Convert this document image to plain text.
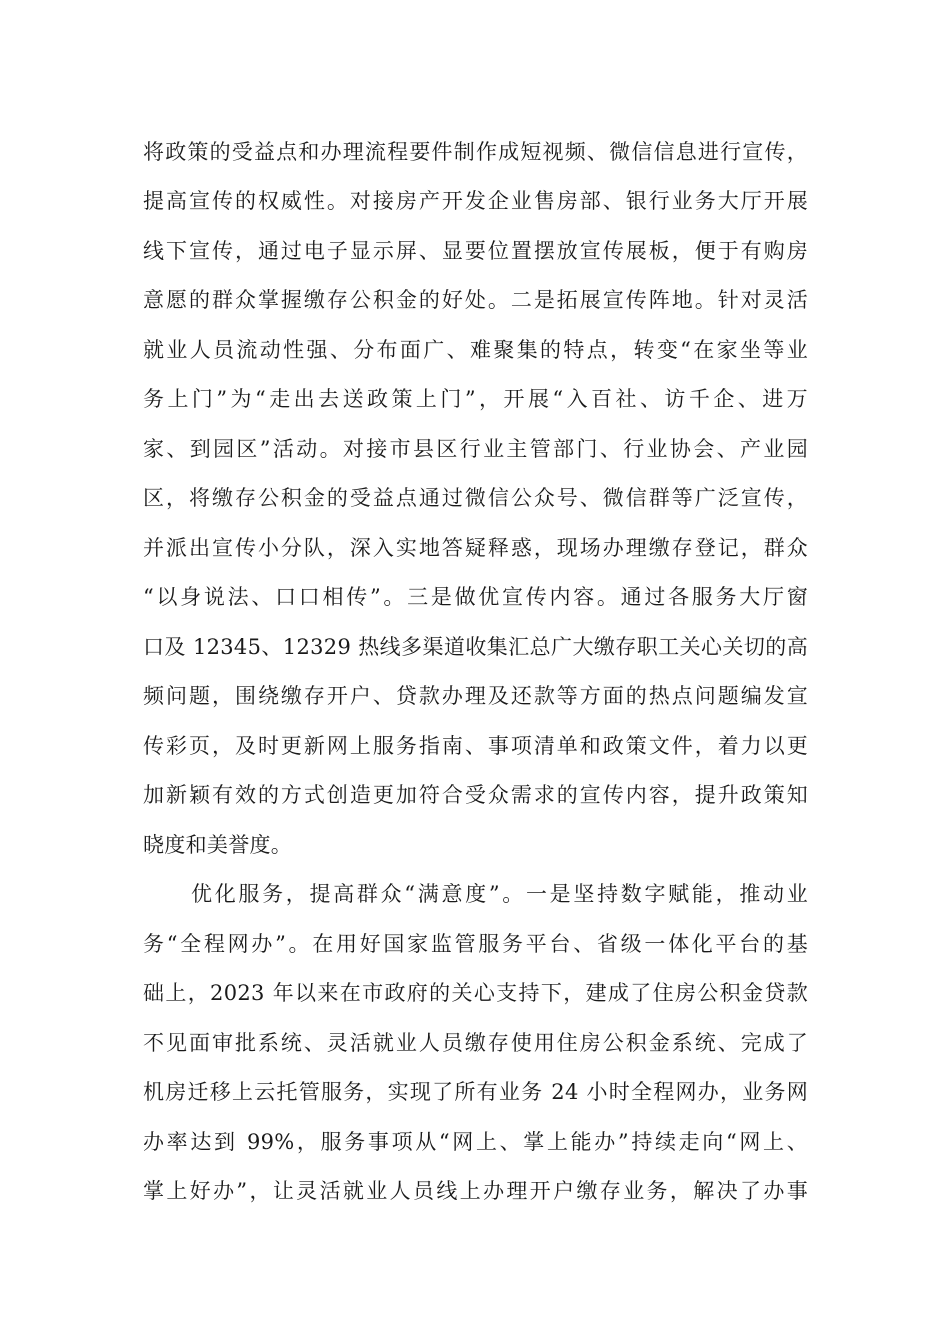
将政策的受益点和办理流程要件制作成短视频、微信信息进行宣传，
提高宣传的权威性。对接房产开发企业售房部、银行业务大厅开展
线下宣传，通过电子显示屏、显要位置摆放宣传展板，便于有购房
意愿的群众掌握缴存公积金的好处。二是拓展宣传阵地。针对灵活
就业人员流动性强、分布面广、难聚集的特点，转变“在家坐等业
务上门”为“走出去送政策上门”，开展“入百社、访千企、进万
家、到园区”活动。对接市县区行业主管部门、行业协会、产业园
区，将缴存公积金的受益点通过微信公众号、微信群等广泛宣传，
并派出宣传小分队，深入实地答疑释惑，现场办理缴存登记，群众
“以身说法、口口相传”。三是做优宣传内容。通过各服务大厅窗
口及 12345、12329 热线多渠道收集汇总广大缴存职工关心关切的高
频问题，围绕缴存开户、贷款办理及还款等方面的热点问题编发宣
传彩页，及时更新网上服务指南、事项清单和政策文件，着力以更
加新颖有效的方式创造更加符合受众需求的宣传内容，提升政策知
晓度和美誉度。
优化服务，提高群众“满意度”。一是坚持数字赋能，推动业
务“全程网办”。在用好国家监管服务平台、省级一体化平台的基
础上，2023 年以来在市政府的关心支持下，建成了住房公积金贷款
不见面审批系统、灵活就业人员缴存使用住房公积金系统、完成了
机房迁移上云托管服务，实现了所有业务 24 小时全程网办，业务网
办率达到 99%，服务事项从“网上、掌上能办”持续走向“网上、
掌上好办”，让灵活就业人员线上办理开户缴存业务，解决了办事
